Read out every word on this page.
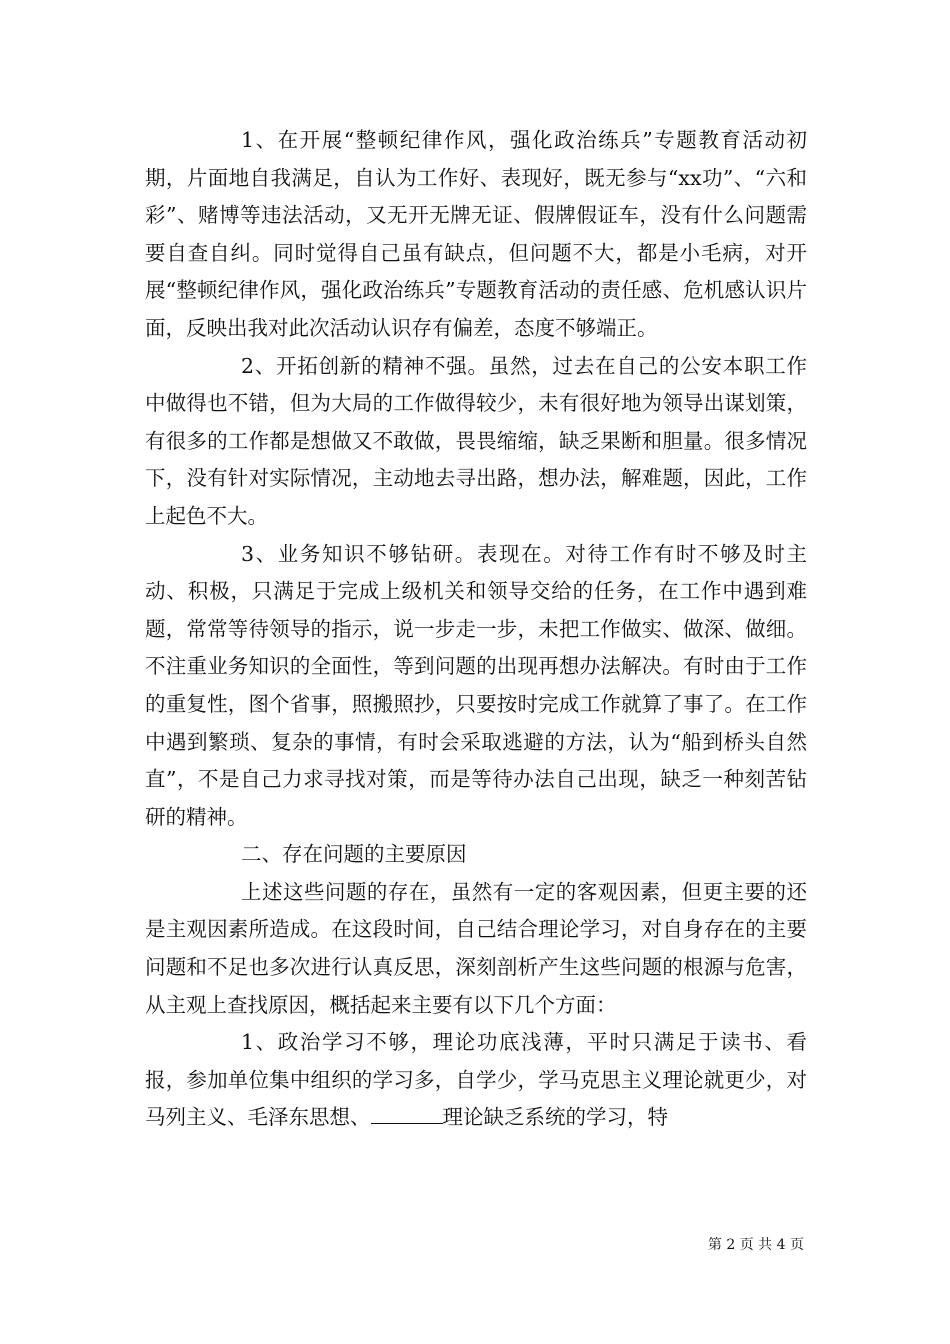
1、在开展“整顿纪律作风，强化政治练兵”专题教育活动初期，片面地自我满足，自认为工作好、表现好，既无参与“xx功”、“六和彩”、赌博等违法活动，又无开无牌无证、假牌假证车，没有什么问题需要自查自纠。同时觉得自己虽有缺点，但问题不大，都是小毛病，对开展“整顿纪律作风，强化政治练兵”专题教育活动的责任感、危机感认识片面，反映出我对此次活动认识存有偏差，态度不够端正。

2、开拓创新的精神不强。虽然，过去在自己的公安本职工作中做得也不错，但为大局的工作做得较少，未有很好地为领导出谋划策，有很多的工作都是想做又不敢做，畏畏缩缩，缺乏果断和胆量。很多情况下，没有针对实际情况，主动地去寻出路，想办法，解难题，因此，工作上起色不大。

3、业务知识不够钻研。表现在。对待工作有时不够及时主动、积极，只满足于完成上级机关和领导交给的任务，在工作中遇到难题，常常等待领导的指示，说一步走一步，未把工作做实、做深、做细。不注重业务知识的全面性，等到问题的出现再想办法解决。有时由于工作的重复性，图个省事，照搬照抄，只要按时完成工作就算了事了。在工作中遇到繁琐、复杂的事情，有时会采取逃避的方法，认为“船到桥头自然直”，不是自己力求寻找对策，而是等待办法自己出现，缺乏一种刻苦钻研的精神。

二、存在问题的主要原因

上述这些问题的存在，虽然有一定的客观因素，但更主要的还是主观因素所造成。在这段时间，自己结合理论学习，对自身存在的主要问题和不足也多次进行认真反思，深刻剖析产生这些问题的根源与危害，从主观上查找原因，概括起来主要有以下几个方面：

1、政治学习不够，理论功底浅薄，平时只满足于读书、看报，参加单位集中组织的学习多，自学少，学马克思主义理论就更少，对马列主义、毛泽东思想、	理论缺乏系统的学习，特

第 2 页 共 4 页
